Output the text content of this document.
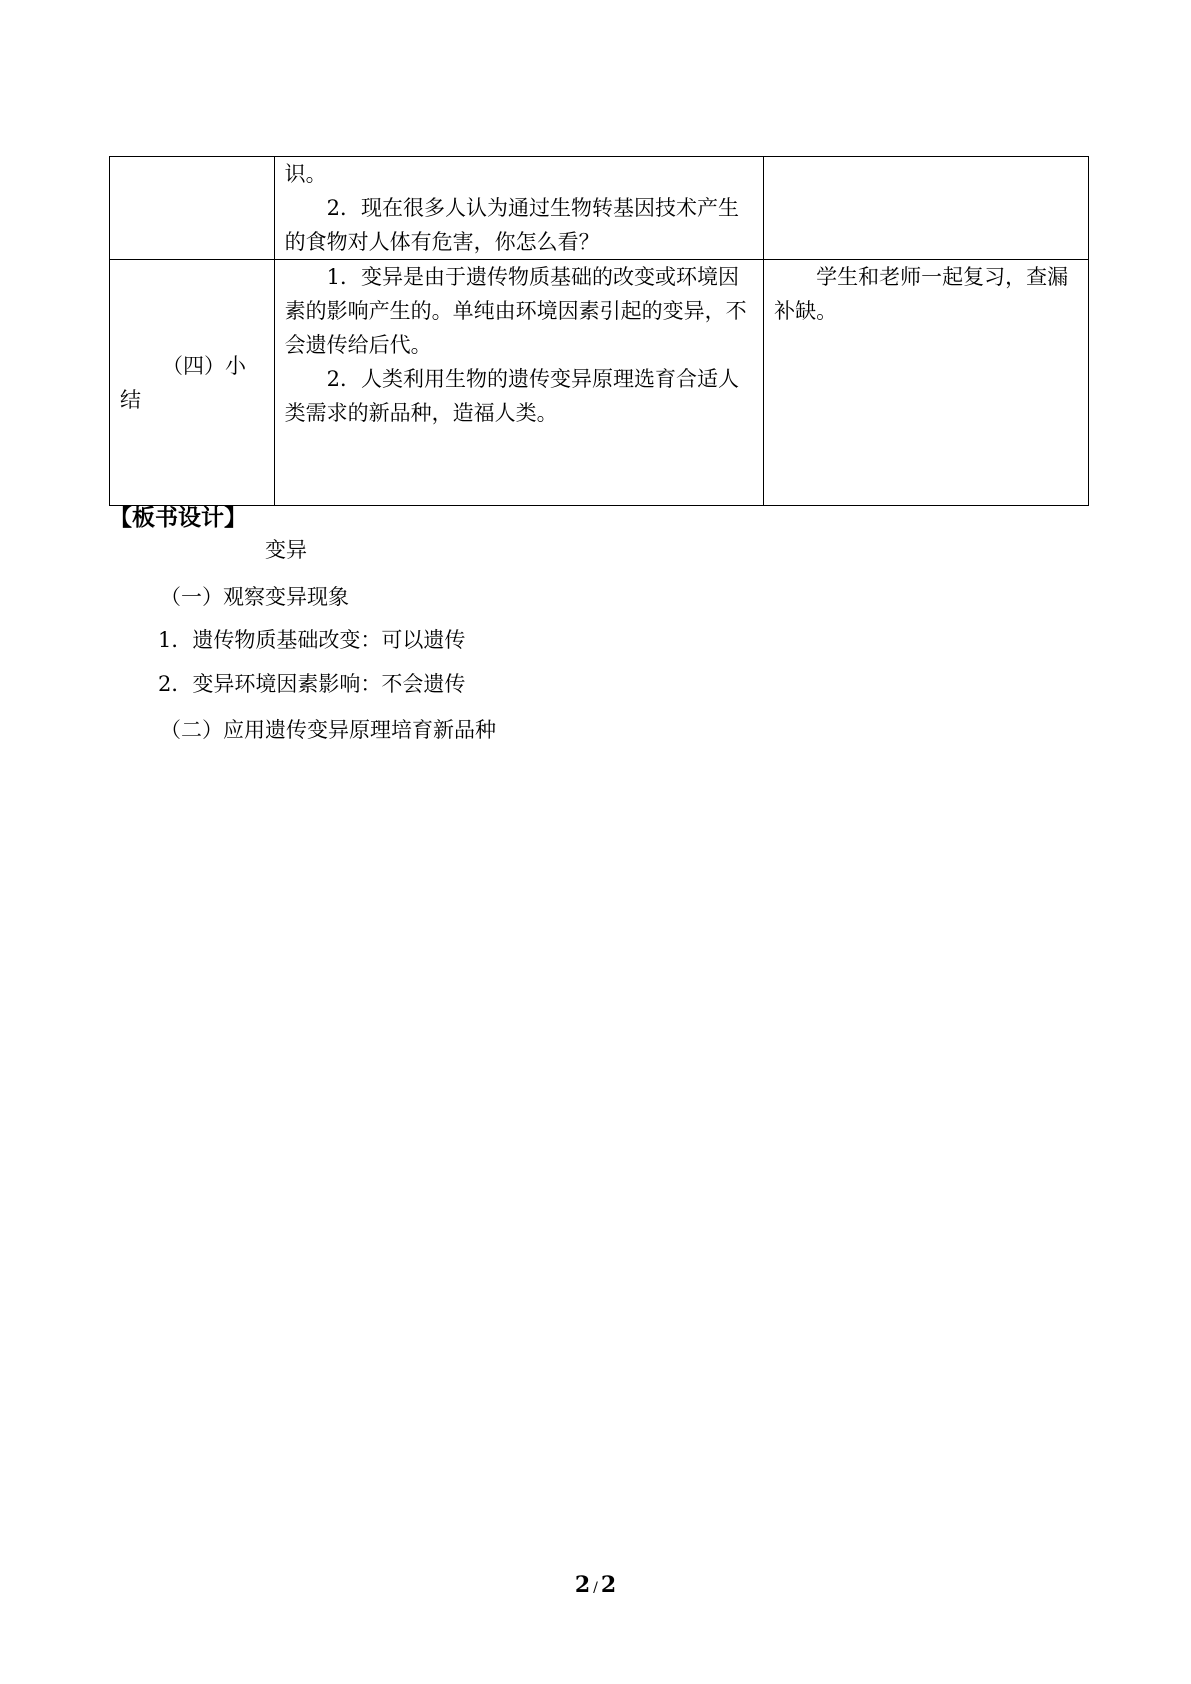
	识。

2．现在很多人认为通过生物转基因技术产生的食物对人体有危害，你怎么看？	

（四）小结	1．变异是由于遗传物质基础的改变或环境因素的影响产生的。单纯由环境因素引起的变异，不会遗传给后代。

2．人类利用生物的遗传变异原理选育合适人类需求的新品种，造福人类。	学生和老师一起复习，查漏补缺。

【板书设计】
变异
（一）观察变异现象
1．遗传物质基础改变：可以遗传
2．变异环境因素影响：不会遗传
（二）应用遗传变异原理培育新品种
2 / 2
